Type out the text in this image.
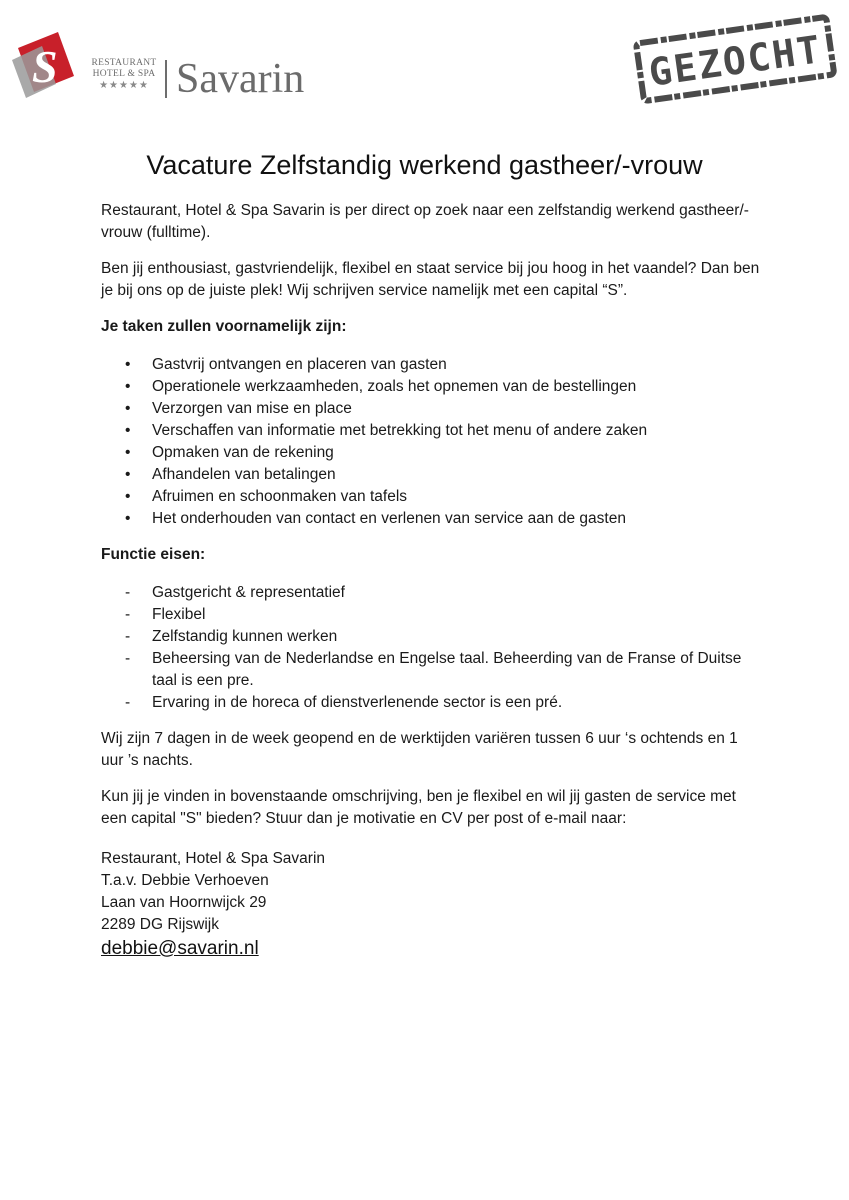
S	RESTAURANT
HOTEL & SPA
★★★★★ Savarin	GEZOCHT
Vacature Zelfstandig werkend gastheer/-vrouw

Restaurant, Hotel & Spa Savarin is per direct op zoek naar een zelfstandig werkend gastheer/-vrouw (fulltime).

Ben jij enthousiast, gastvriendelijk, flexibel en staat service bij jou hoog in het vaandel? Dan ben je bij ons op de juiste plek! Wij schrijven service namelijk met een capital “S”.

Je taken zullen voornamelijk zijn:
• Gastvrij ontvangen en placeren van gasten
• Operationele werkzaamheden, zoals het opnemen van de bestellingen
• Verzorgen van mise en place
• Verschaffen van informatie met betrekking tot het menu of andere zaken
• Opmaken van de rekening
• Afhandelen van betalingen
• Afruimen en schoonmaken van tafels
• Het onderhouden van contact en verlenen van service aan de gasten
Functie eisen:
- Gastgericht & representatief
- Flexibel
- Zelfstandig kunnen werken
- Beheersing van de Nederlandse en Engelse taal. Beheerding van de Franse of Duitse taal is een pre.
- Ervaring in de horeca of dienstverlenende sector is een pré.

Wij zijn 7 dagen in de week geopend en de werktijden variëren tussen 6 uur ‘s ochtends en 1 uur ’s nachts.

Kun jij je vinden in bovenstaande omschrijving, ben je flexibel en wil jij gasten de service met een capital "S" bieden? Stuur dan je motivatie en CV per post of e-mail naar:

Restaurant, Hotel & Spa Savarin
T.a.v. Debbie Verhoeven
Laan van Hoornwijck 29
2289 DG Rijswijk
debbie@savarin.nl
